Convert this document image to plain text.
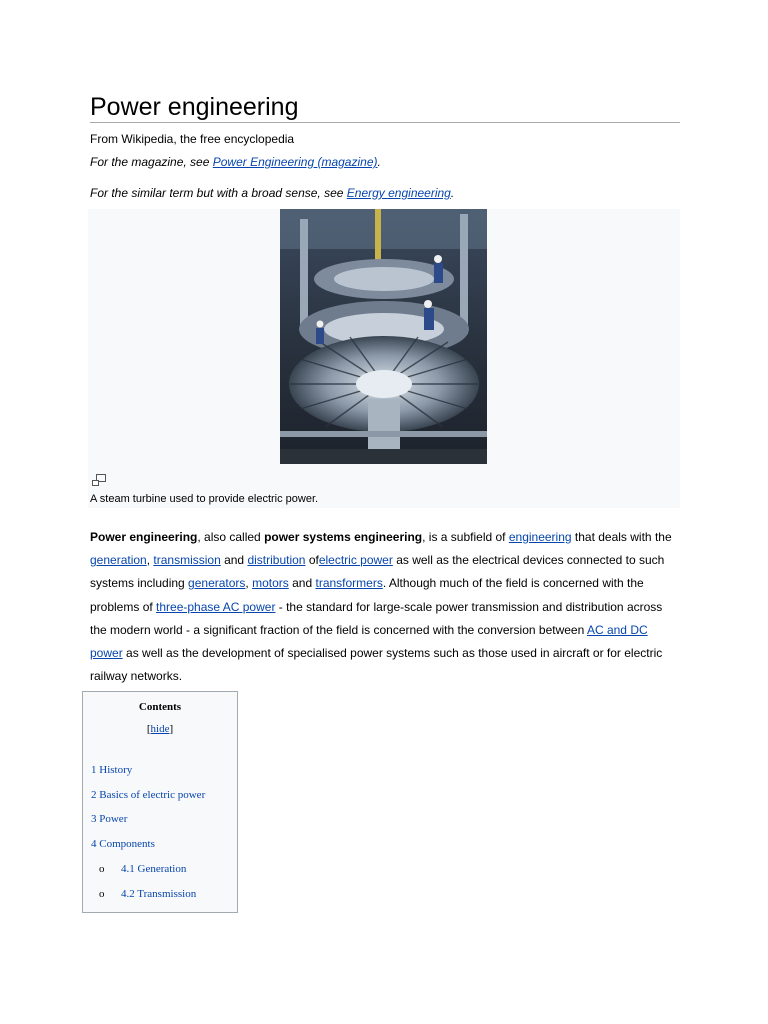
Power engineering
From Wikipedia, the free encyclopedia
For the magazine, see Power Engineering (magazine).
For the similar term but with a broad sense, see Energy engineering.
A steam turbine used to provide electric power.
Power engineering, also called power systems engineering, is a subfield of engineering that deals with the generation, transmission and distribution ofelectric power as well as the electrical devices connected to such systems including generators, motors and transformers. Although much of the field is concerned with the problems of three-phase AC power - the standard for large-scale power transmission and distribution across the modern world - a significant fraction of the field is concerned with the conversion between AC and DC power as well as the development of specialised power systems such as those used in aircraft or for electric railway networks.
Contents
[hide]
1 History
2 Basics of electric power
3 Power
4 Components
o 4.1 Generation
o 4.2 Transmission
